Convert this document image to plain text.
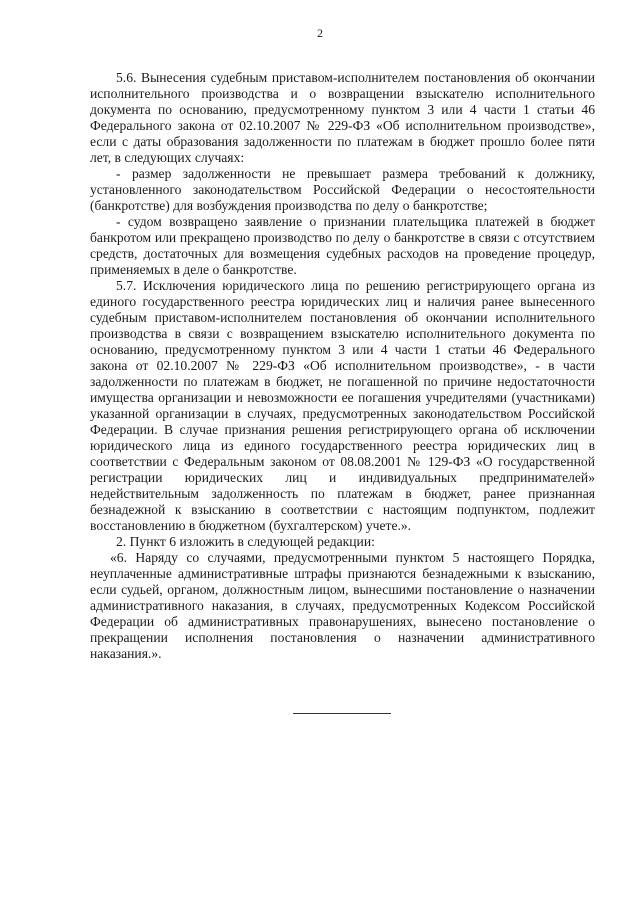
2

5.6. Вынесения судебным приставом-исполнителем постановления об окончании исполнительного производства и о возвращении взыскателю исполнительного документа по основанию, предусмотренному пунктом 3 или 4 части 1 статьи 46 Федерального закона от 02.10.2007 № 229-ФЗ «Об исполнительном производстве», если с даты образования задолженности по платежам в бюджет прошло более пяти лет, в следующих случаях:

- размер задолженности не превышает размера требований к должнику, установленного законодательством Российской Федерации о несостоятельности (банкротстве) для возбуждения производства по делу о банкротстве;

- судом возвращено заявление о признании плательщика платежей в бюджет банкротом или прекращено производство по делу о банкротстве в связи с отсутствием средств, достаточных для возмещения судебных расходов на проведение процедур, применяемых в деле о банкротстве.

5.7. Исключения юридического лица по решению регистрирующего органа из единого государственного реестра юридических лиц и наличия ранее вынесенного судебным приставом-исполнителем постановления об окончании исполнительного производства в связи с возвращением взыскателю исполнительного документа по основанию, предусмотренному пунктом 3 или 4 части 1 статьи 46 Федерального закона от 02.10.2007 № 229-ФЗ «Об исполнительном производстве», - в части задолженности по платежам в бюджет, не погашенной по причине недостаточности имущества организации и невозможности ее погашения учредителями (участниками) указанной организации в случаях, предусмотренных законодательством Российской Федерации. В случае признания решения регистрирующего органа об исключении юридического лица из единого государственного реестра юридических лиц в соответствии с Федеральным законом от 08.08.2001 № 129-ФЗ «О государственной регистрации юридических лиц и индивидуальных предпринимателей» недействительным задолженность по платежам в бюджет, ранее признанная безнадежной к взысканию в соответствии с настоящим подпунктом, подлежит восстановлению в бюджетном (бухгалтерском) учете.».

2. Пункт 6 изложить в следующей редакции:

«6. Наряду со случаями, предусмотренными пунктом 5 настоящего Порядка, неуплаченные административные штрафы признаются безнадежными к взысканию, если судьей, органом, должностным лицом, вынесшими постановление о назначении административного наказания, в случаях, предусмотренных Кодексом Российской Федерации об административных правонарушениях, вынесено постановление о прекращении исполнения постановления о назначении административного наказания.».
